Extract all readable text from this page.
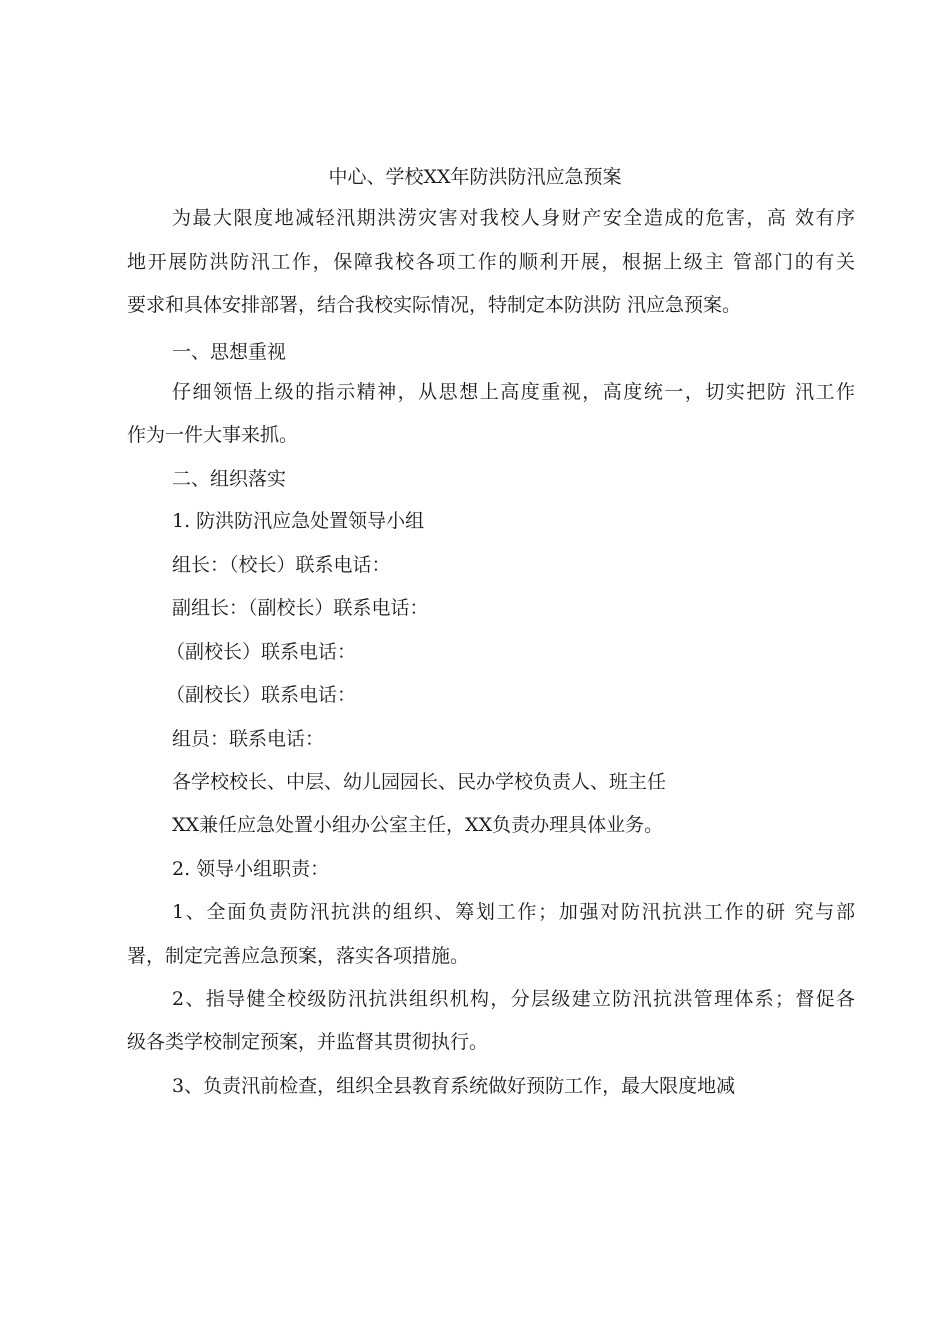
中心、学校XX年防洪防汛应急预案
为最大限度地减轻汛期洪涝灾害对我校人身财产安全造成的危害，高 效有序
地开展防洪防汛工作，保障我校各项工作的顺利开展，根据上级主 管部门的有关
要求和具体安排部署，结合我校实际情况，特制定本防洪防 汛应急预案。
一、思想重视
仔细领悟上级的指示精神，从思想上高度重视，高度统一，切实把防 汛工作
作为一件大事来抓。
二、组织落实
1. 防洪防汛应急处置领导小组
组长：（校长）联系电话：
副组长：（副校长）联系电话：
（副校长）联系电话：
（副校长）联系电话：
组员：联系电话：
各学校校长、中层、幼儿园园长、民办学校负责人、班主任
XX兼任应急处置小组办公室主任，XX负责办理具体业务。
2. 领导小组职责：
1、全面负责防汛抗洪的组织、筹划工作；加强对防汛抗洪工作的研 究与部
署，制定完善应急预案，落实各项措施。
2、指导健全校级防汛抗洪组织机构，分层级建立防汛抗洪管理体系；督促各
级各类学校制定预案，并监督其贯彻执行。
3、负责汛前检查，组织全县教育系统做好预防工作，最大限度地减
